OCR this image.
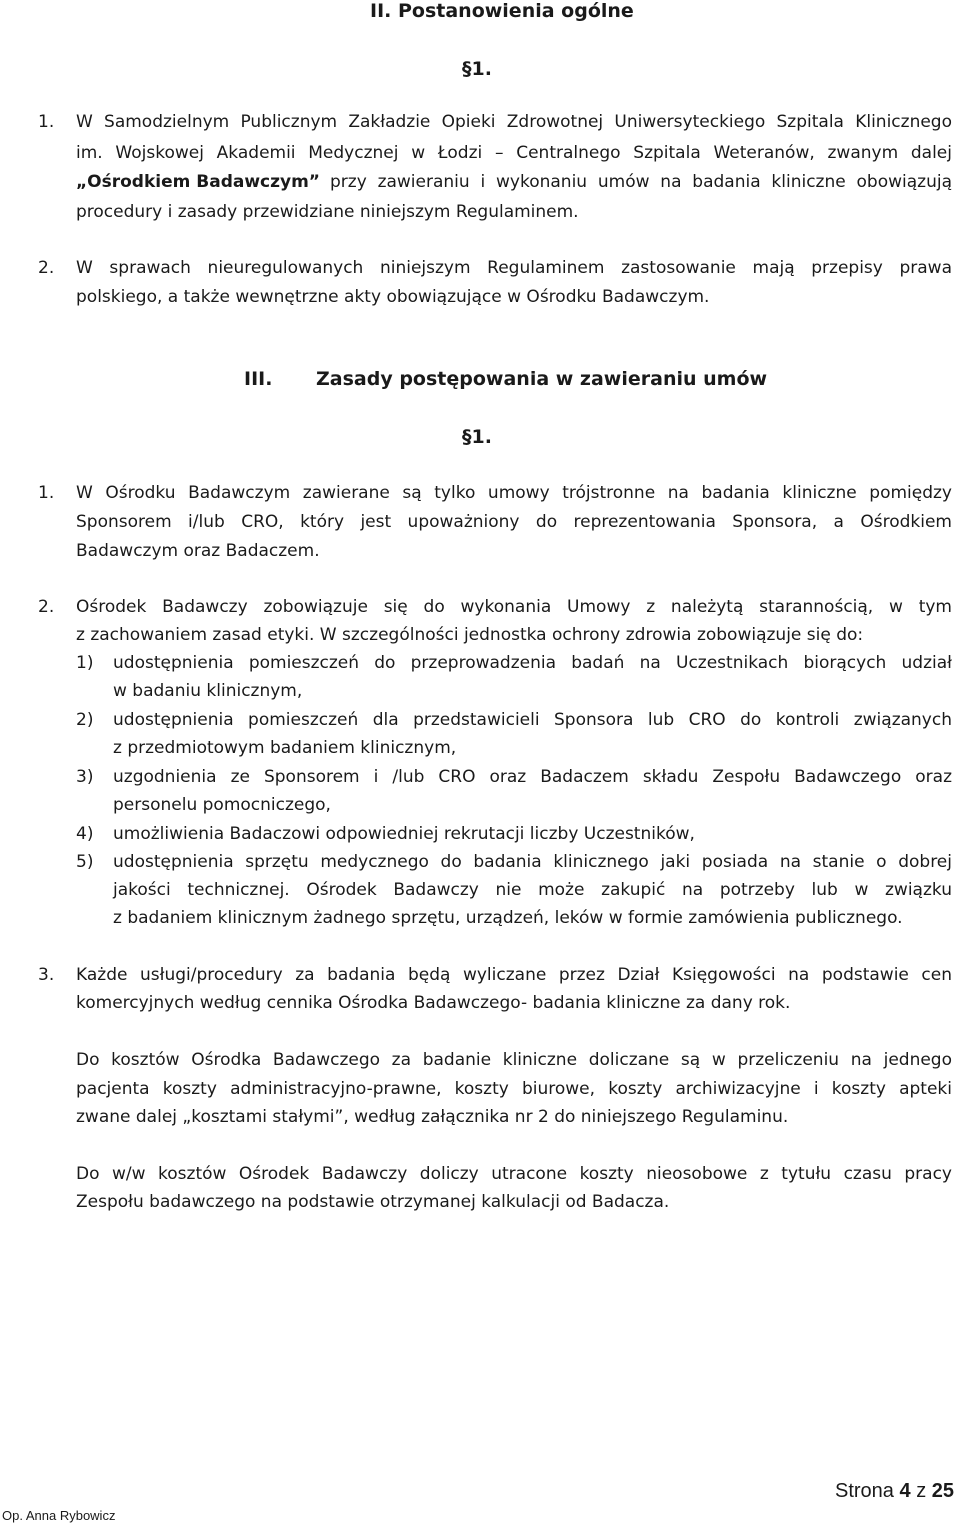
II. Postanowienia ogólne
§1.
1. W Samodzielnym Publicznym Zakładzie Opieki Zdrowotnej Uniwersyteckiego Szpitala Klinicznego
im. Wojskowej Akademii Medycznej w Łodzi – Centralnego Szpitala Weteranów, zwanym dalej
„Ośrodkiem Badawczym” przy zawieraniu i wykonaniu umów na badania kliniczne obowiązują
procedury i zasady przewidziane niniejszym Regulaminem.
2. W sprawach nieuregulowanych niniejszym Regulaminem zastosowanie mają przepisy prawa
polskiego, a także wewnętrzne akty obowiązujące w Ośrodku Badawczym.
III. Zasady postępowania w zawieraniu umów
§1.
1. W Ośrodku Badawczym zawierane są tylko umowy trójstronne na badania kliniczne pomiędzy
Sponsorem i/lub CRO, który jest upoważniony do reprezentowania Sponsora, a Ośrodkiem
Badawczym oraz Badaczem.
2. Ośrodek Badawczy zobowiązuje się do wykonania Umowy z należytą starannością, w tym
z zachowaniem zasad etyki. W szczególności jednostka ochrony zdrowia zobowiązuje się do:
1) udostępnienia pomieszczeń do przeprowadzenia badań na Uczestnikach biorących udział
w badaniu klinicznym,
2) udostępnienia pomieszczeń dla przedstawicieli Sponsora lub CRO do kontroli związanych
z przedmiotowym badaniem klinicznym,
3) uzgodnienia ze Sponsorem i /lub CRO oraz Badaczem składu Zespołu Badawczego oraz
personelu pomocniczego,
4) umożliwienia Badaczowi odpowiedniej rekrutacji liczby Uczestników,
5) udostępnienia sprzętu medycznego do badania klinicznego jaki posiada na stanie o dobrej
jakości technicznej. Ośrodek Badawczy nie może zakupić na potrzeby lub w związku
z badaniem klinicznym żadnego sprzętu, urządzeń, leków w formie zamówienia publicznego.
3. Każde usługi/procedury za badania będą wyliczane przez Dział Księgowości na podstawie cen
komercyjnych według cennika Ośrodka Badawczego- badania kliniczne za dany rok.
Do kosztów Ośrodka Badawczego za badanie kliniczne doliczane są w przeliczeniu na jednego
pacjenta koszty administracyjno-prawne, koszty biurowe, koszty archiwizacyjne i koszty apteki
zwane dalej „kosztami stałymi”, według załącznika nr 2 do niniejszego Regulaminu.
Do w/w kosztów Ośrodek Badawczy doliczy utracone koszty nieosobowe z tytułu czasu pracy
Zespołu badawczego na podstawie otrzymanej kalkulacji od Badacza.
Strona 4 z 25
Op. Anna Rybowicz
